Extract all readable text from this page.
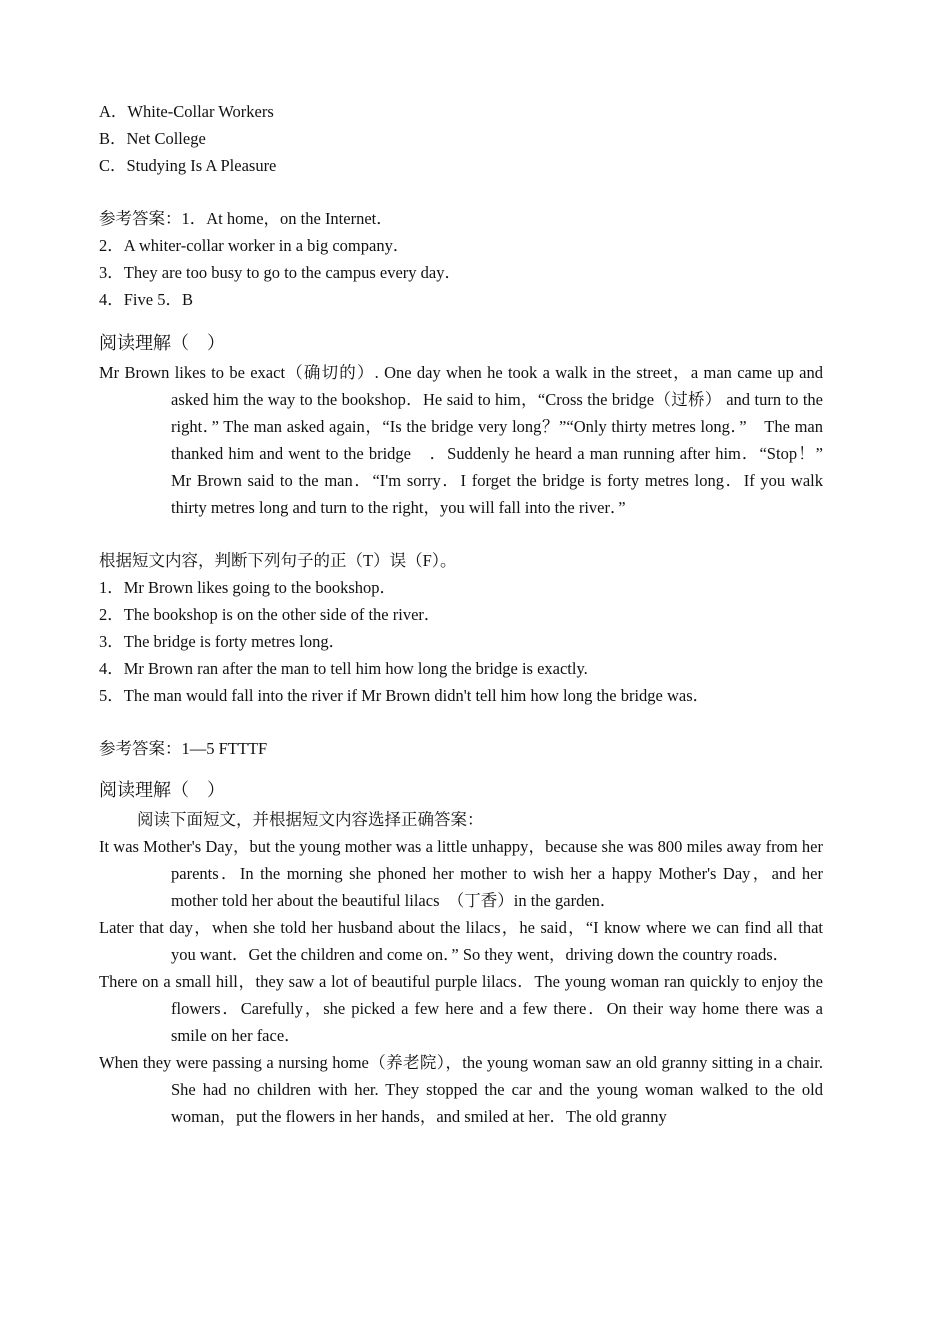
A．White-Collar Workers
B．Net College
C．Studying Is A Pleasure
参考答案：1．At home，on the Internet．
2．A whiter-collar worker in a big company．
3．They are too busy to go to the campus every day．
4．Five 5．B
阅读理解（　）
Mr Brown likes to be exact（确切的）. One day when he took a walk in the street，a man came up and asked him the way to the bookshop．He said to him，“Cross the bridge（过桥） and turn to the right．” The man asked again，“Is the bridge very long？”“Only thirty metres long．”　The man thanked him and went to the bridge　．Suddenly he heard a man running after him．“Stop！” Mr Brown said to the man．“I'm sorry．I forget the bridge is forty metres long．If you walk thirty metres long and turn to the right，you will fall into the river．”
根据短文内容，判断下列句子的正（T）误（F）。
1．Mr Brown likes going to the bookshop．
2．The bookshop is on the other side of the river．
3．The bridge is forty metres long．
4．Mr Brown ran after the man to tell him how long the bridge is exactly.
5．The man would fall into the river if Mr Brown didn't tell him how long the bridge was．
参考答案：1—5 FTTTF
阅读理解（　）
阅读下面短文，并根据短文内容选择正确答案：
It was Mother's Day，but the young mother was a little unhappy，because she was 800 miles away from her parents．In the morning she phoned her mother to wish her a happy Mother's Day，and her mother told her about the beautiful lilacs　（丁香）in the garden．
Later that day，when she told her husband about the lilacs，he said，“I know where we can find all that you want．Get the children and come on．” So they went，driving down the country roads．
There on a small hill，they saw a lot of beautiful purple lilacs．The young woman ran quickly to enjoy the flowers．Carefully，she picked a few here and a few there．On their way home there was a smile on her face．
When they were passing a nursing home（养老院），the young woman saw an old granny sitting in a chair. She had no children with her. They stopped the car and the young woman walked to the old woman，put the flowers in her hands，and smiled at her．The old granny
